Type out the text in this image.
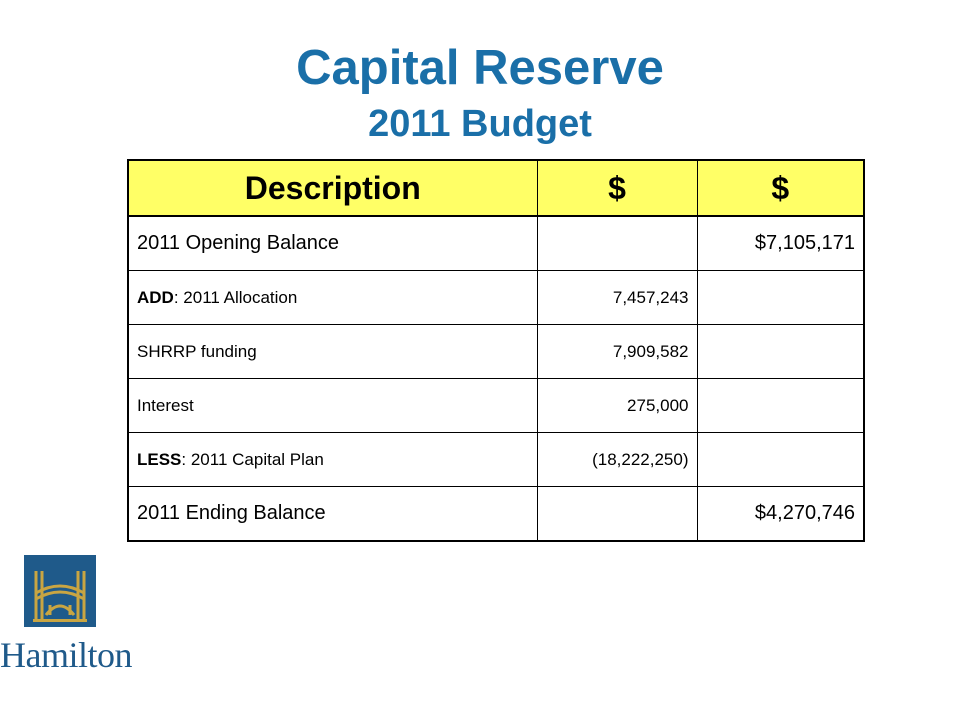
Capital Reserve
2011 Budget
Description	$	$
2011 Opening Balance		$7,105,171
ADD: 2011 Allocation	7,457,243	
SHRRP funding	7,909,582	
Interest	275,000	
LESS: 2011 Capital Plan	(18,222,250)	
2011 Ending Balance		$4,270,746
Hamilton
